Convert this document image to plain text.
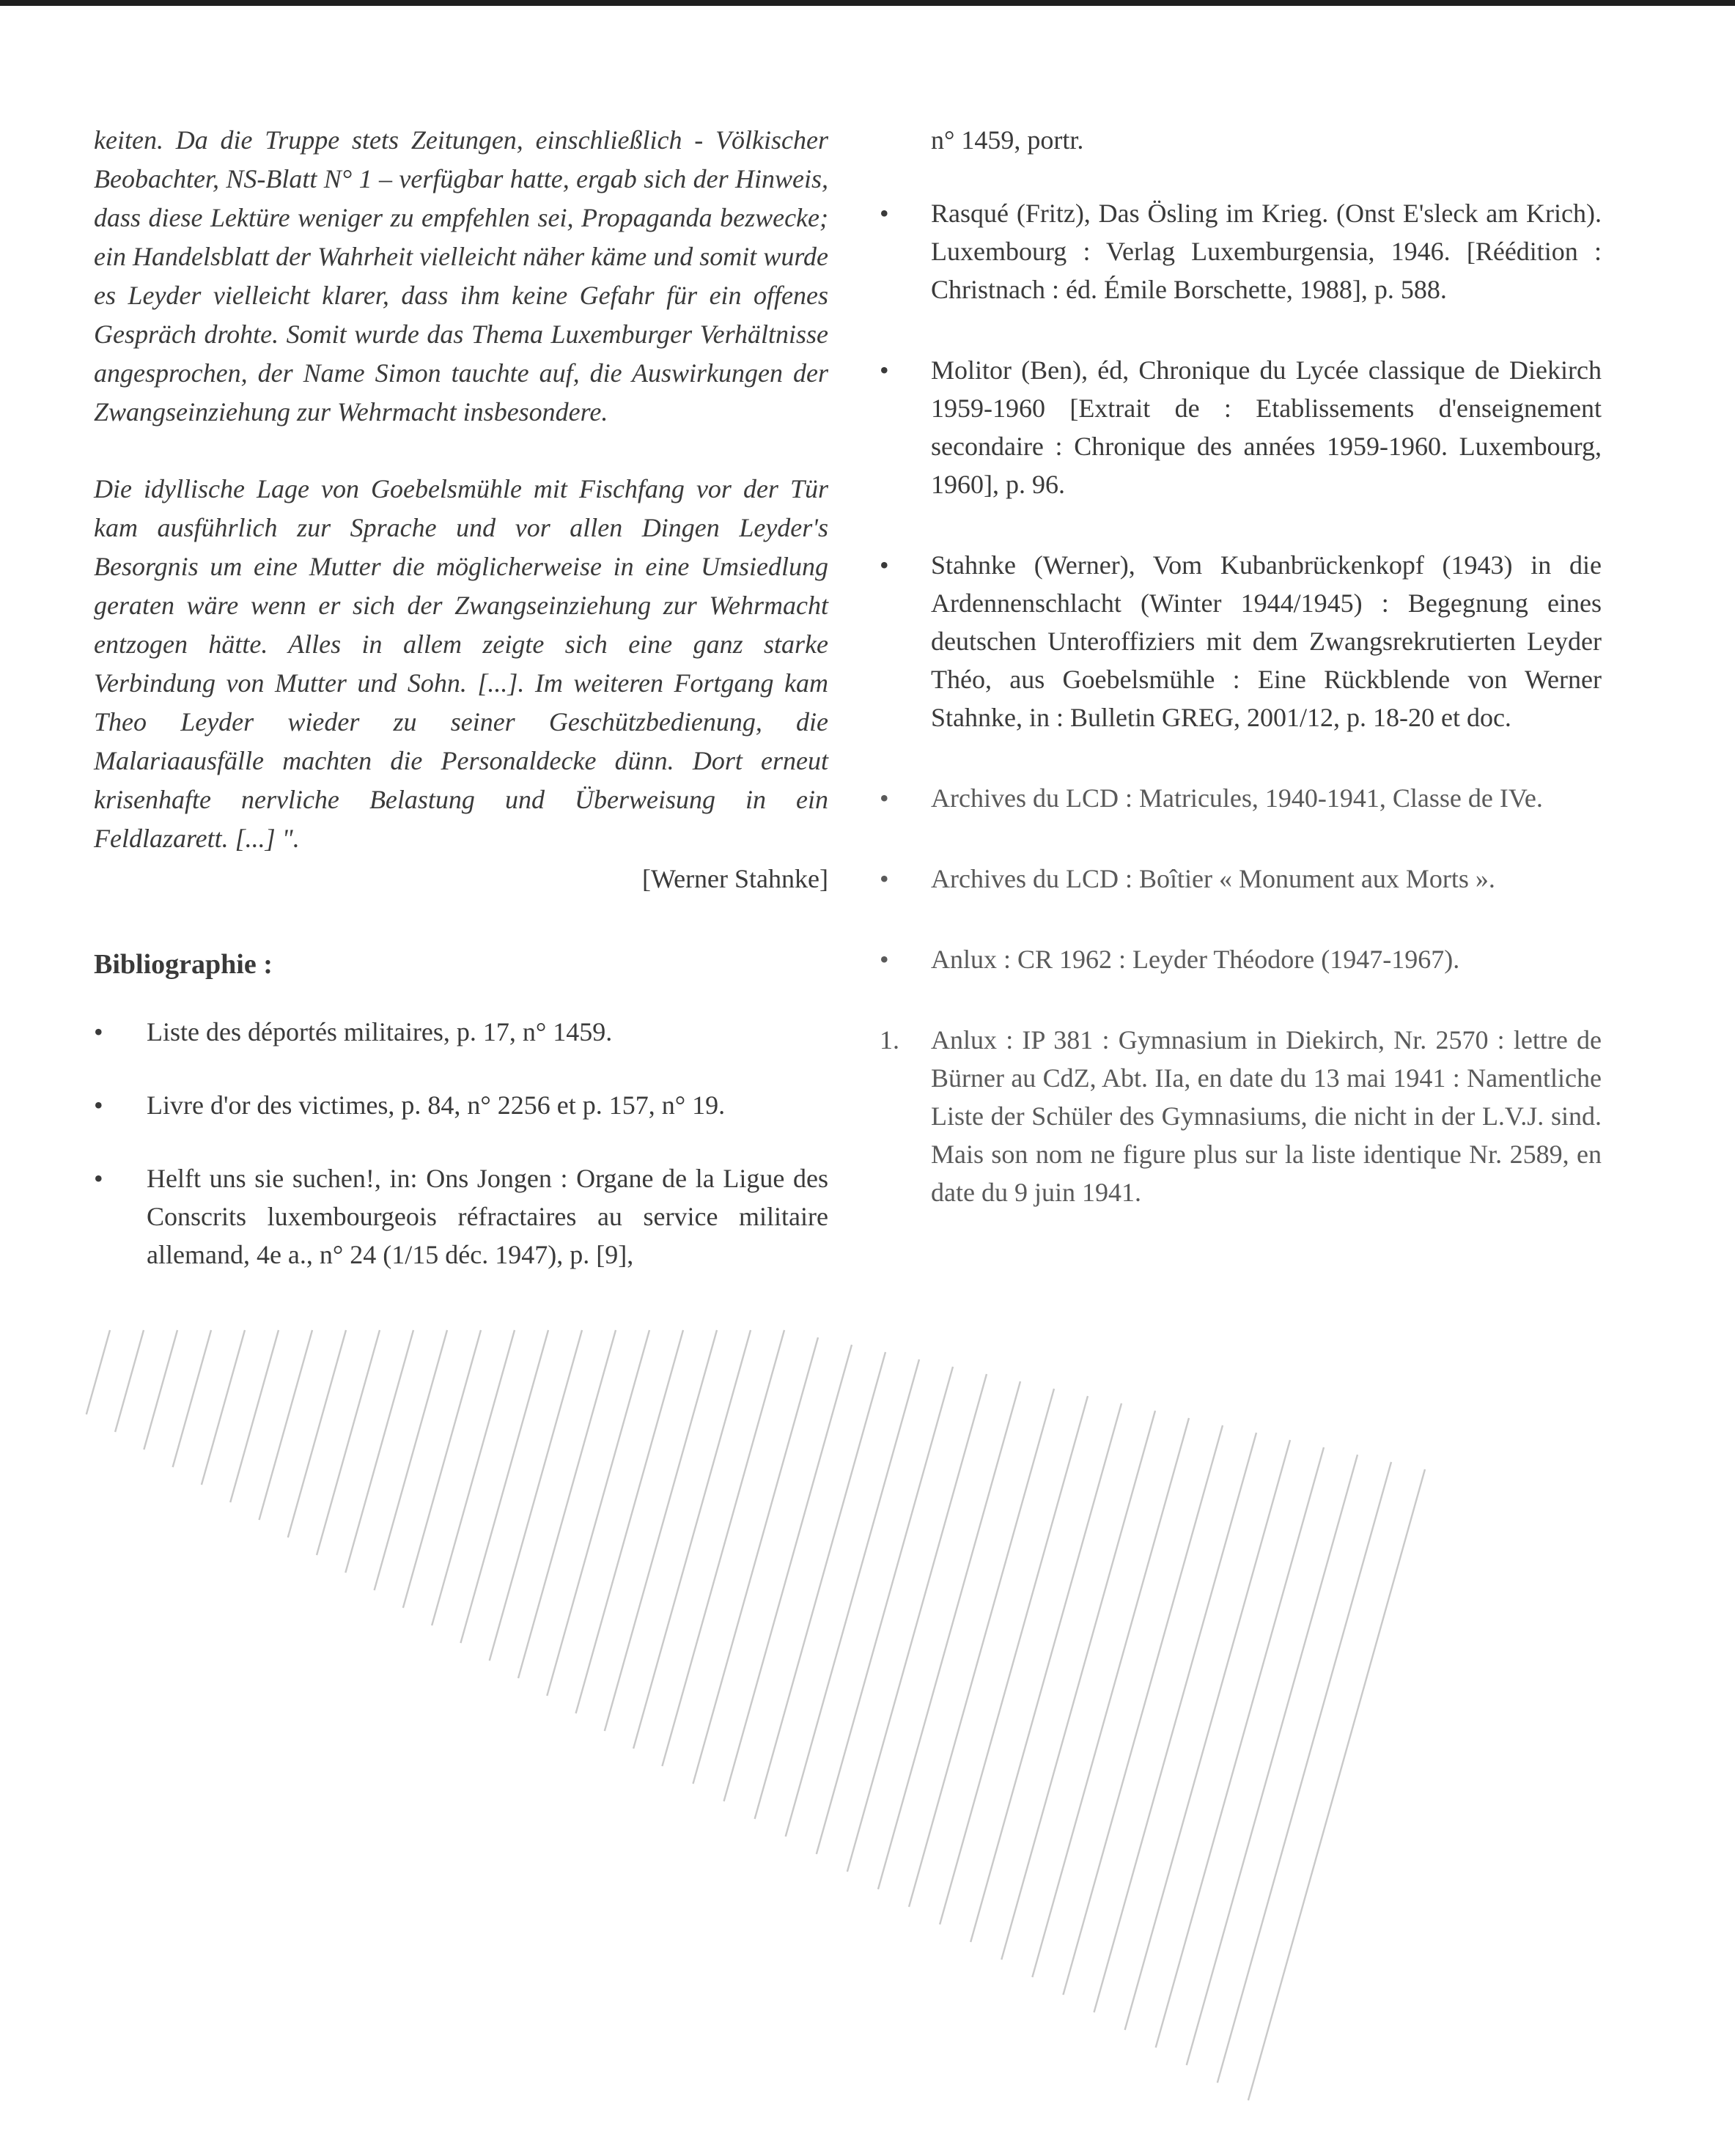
keiten. Da die Truppe stets Zeitungen, einschließlich - Völkischer Beobachter, NS-Blatt N° 1 – verfügbar hatte, ergab sich der Hinweis, dass diese Lektüre weniger zu empfehlen sei, Propaganda bezwecke; ein Handelsblatt der Wahrheit vielleicht näher käme und somit wurde es Leyder vielleicht klarer, dass ihm keine Gefahr für ein offenes Gespräch drohte. Somit wurde das Thema Luxemburger Verhältnisse angesprochen, der Name Simon tauchte auf, die Auswirkungen der Zwangseinziehung zur Wehrmacht insbesondere.

Die idyllische Lage von Goebelsmühle mit Fischfang vor der Tür kam ausführlich zur Sprache und vor allen Dingen Leyder's Besorgnis um eine Mutter die möglicherweise in eine Umsiedlung geraten wäre wenn er sich der Zwangseinziehung zur Wehrmacht entzogen hätte. Alles in allem zeigte sich eine ganz starke Verbindung von Mutter und Sohn. [...]. Im weiteren Fortgang kam Theo Leyder wieder zu seiner Geschützbedienung, die Malariaausfälle machten die Personaldecke dünn. Dort erneut krisenhafte nervliche Belastung und Überweisung in ein Feldlazarett. [...] ".

[Werner Stahnke]
Bibliographie :
•	Liste des déportés militaires, p. 17, n° 1459.
•	Livre d'or des victimes, p. 84, n° 2256 et p. 157, n° 19.
•	Helft uns sie suchen!, in: Ons Jongen : Organe de la Ligue des Conscrits luxembourgeois réfractaires au service militaire allemand, 4e a., n° 24 (1/15 déc. 1947), p. [9],
n° 1459, portr.
•	Rasqué (Fritz), Das Ösling im Krieg. (Onst E'sleck am Krich). Luxembourg : Verlag Luxemburgensia, 1946. [Réédition : Christnach : éd. Émile Borschette, 1988], p. 588.
•	Molitor (Ben), éd, Chronique du Lycée classique de Diekirch 1959-1960 [Extrait de : Etablissements d'enseignement secondaire : Chronique des années 1959-1960. Luxembourg, 1960], p. 96.
•	Stahnke (Werner), Vom Kubanbrückenkopf (1943) in die Ardennenschlacht (Winter 1944/1945) : Begegnung eines deutschen Unteroffiziers mit dem Zwangsrekrutierten Leyder Théo, aus Goebelsmühle : Eine Rückblende von Werner Stahnke, in : Bulletin GREG, 2001/12, p. 18-20 et doc.
•	Archives du LCD : Matricules, 1940-1941, Classe de IVe.
•	Archives du LCD : Boîtier « Monument aux Morts ».
•	Anlux : CR 1962 : Leyder Théodore (1947-1967).
1.	Anlux : IP 381 : Gymnasium in Diekirch, Nr. 2570 : lettre de Bürner au CdZ, Abt. IIa, en date du 13 mai 1941 : Namentliche Liste der Schüler des Gymnasiums, die nicht in der L.V.J. sind. Mais son nom ne figure plus sur la liste identique Nr. 2589, en date du 9 juin 1941.
